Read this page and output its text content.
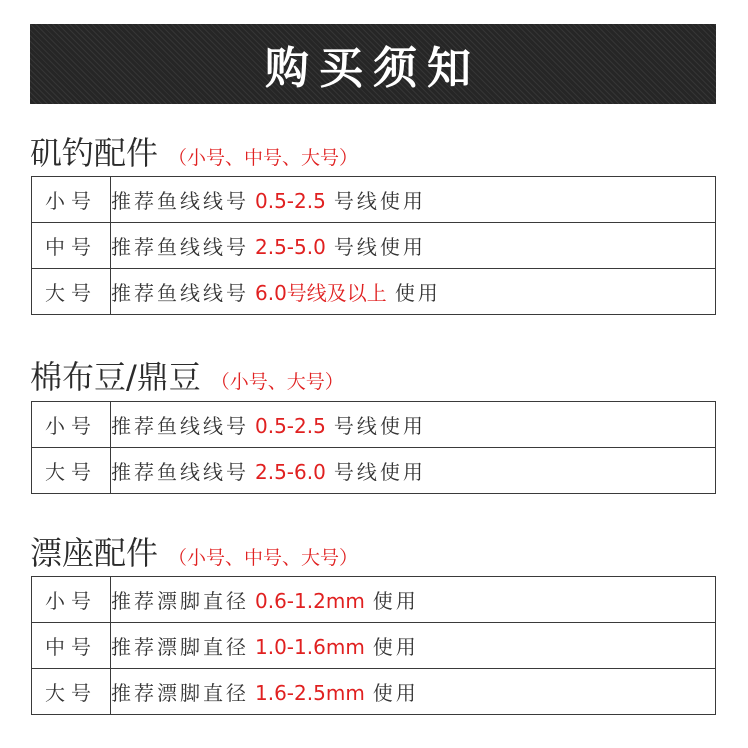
购买须知
矶钓配件 （小号、中号、大号）
小号	推荐鱼线线号 0.5-2.5 号线使用
中号	推荐鱼线线号 2.5-5.0 号线使用
大号	推荐鱼线线号 6.0号线及以上 使用
棉布豆/鼎豆 （小号、大号）
小号	推荐鱼线线号 0.5-2.5 号线使用
大号	推荐鱼线线号 2.5-6.0 号线使用
漂座配件 （小号、中号、大号）
小号	推荐漂脚直径 0.6-1.2mm 使用
中号	推荐漂脚直径 1.0-1.6mm 使用
大号	推荐漂脚直径 1.6-2.5mm 使用
